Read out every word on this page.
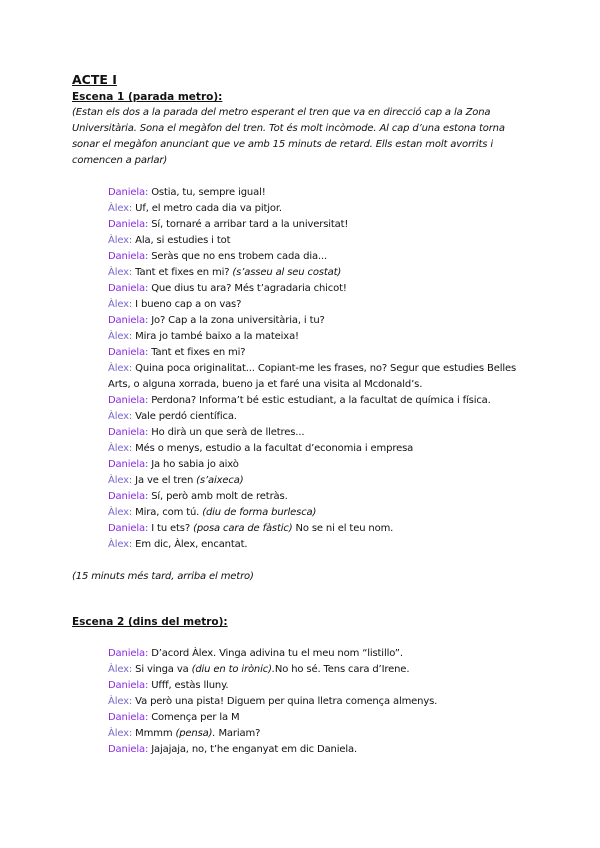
ACTE I
Escena 1 (parada metro):

(Estan els dos a la parada del metro esperant el tren que va en direcció cap a la Zona Universitària. Sona el megàfon del tren. Tot és molt incòmode. Al cap d’una estona torna sonar el megàfon anunciant que ve amb 15 minuts de retard. Ells estan molt avorrits i comencen a parlar)

Daniela: Ostia, tu, sempre igual!
Àlex: Uf, el metro cada dia va pitjor.
Daniela: Sí, tornaré a arribar tard a la universitat!
Àlex: Ala, si estudies i tot
Daniela: Seràs que no ens trobem cada dia...
Àlex: Tant et fixes en mi? (s’asseu al seu costat)
Daniela: Que dius tu ara? Més t’agradaria chicot!
Àlex: I bueno cap a on vas?
Daniela: Jo? Cap a la zona universitària, i tu?
Àlex: Mira jo també baixo a la mateixa!
Daniela: Tant et fixes en mi?
Àlex: Quina poca originalitat... Copiant-me les frases, no? Segur que estudies Belles Arts, o alguna xorrada, bueno ja et faré una visita al Mcdonald’s.
Daniela: Perdona? Informa’t bé estic estudiant, a la facultat de química i física.
Àlex: Vale perdó científica.
Daniela: Ho dirà un que serà de lletres...
Àlex: Més o menys, estudio a la facultat d’economia i empresa
Daniela: Ja ho sabia jo això
Àlex: Ja ve el tren (s’aixeca)
Daniela: Sí, però amb molt de retràs.
Àlex: Mira, com tú. (diu de forma burlesca)
Daniela: I tu ets? (posa cara de fàstic) No se ni el teu nom.
Àlex: Em dic, Àlex, encantat.

(15 minuts més tard, arriba el metro)

Escena 2 (dins del metro):
Daniela: D’acord Àlex. Vinga adivina tu el meu nom “listillo”.
Àlex: Si vinga va (diu en to irònic).No ho sé. Tens cara d’Irene.
Daniela: Ufff, estàs lluny.
Àlex: Va però una pista! Diguem per quina lletra comença almenys.
Daniela: Comença per la M
Àlex: Mmmm (pensa). Mariam?
Daniela: Jajajaja, no, t’he enganyat em dic Daniela.
